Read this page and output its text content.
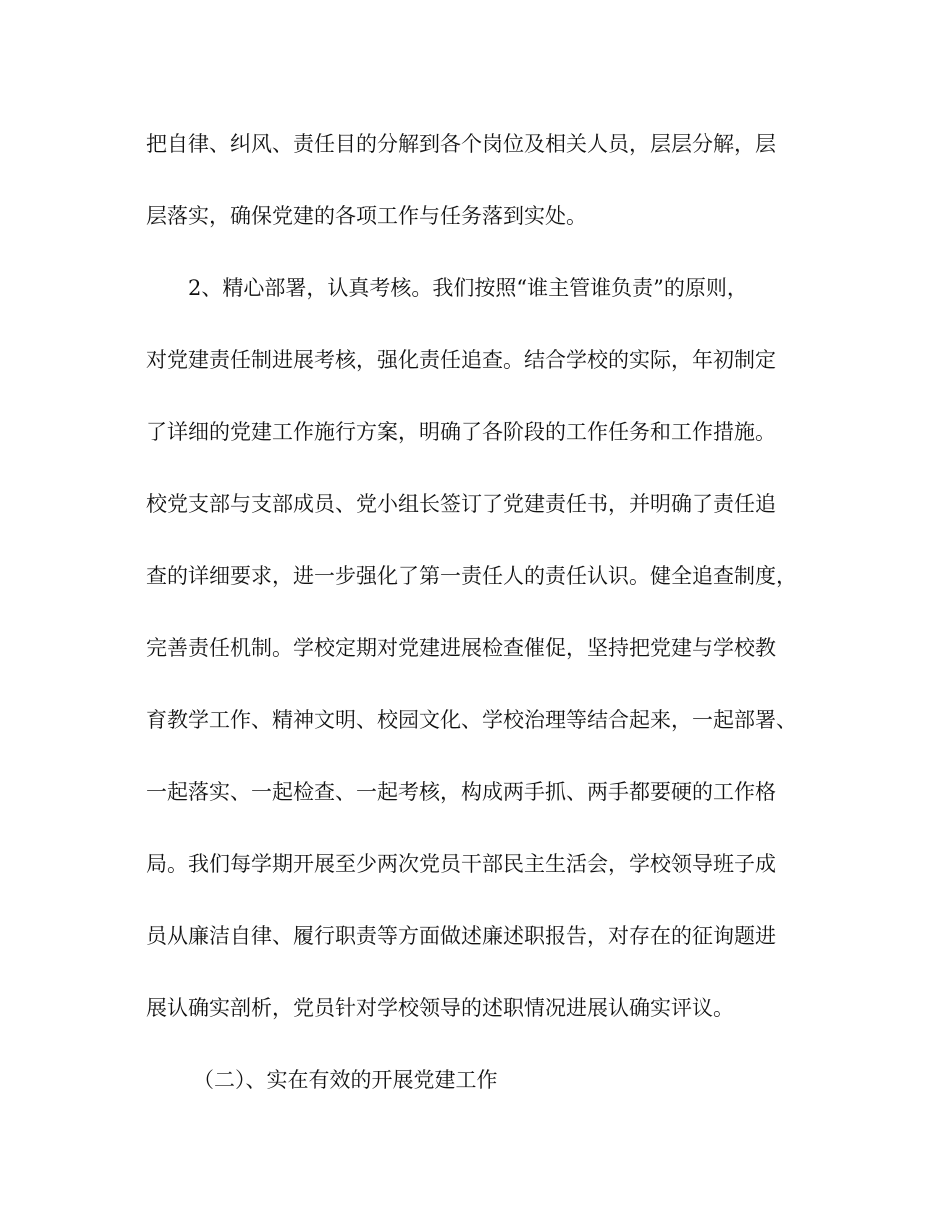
把自律、纠风、责任目的分解到各个岗位及相关人员，层层分解，层
层落实，确保党建的各项工作与任务落到实处。
2、精心部署，认真考核。我们按照“谁主管谁负责”的原则，
对党建责任制进展考核，强化责任追查。结合学校的实际，年初制定
了详细的党建工作施行方案，明确了各阶段的工作任务和工作措施。
校党支部与支部成员、党小组长签订了党建责任书，并明确了责任追
查的详细要求，进一步强化了第一责任人的责任认识。健全追查制度，
完善责任机制。学校定期对党建进展检查催促，坚持把党建与学校教
育教学工作、精神文明、校园文化、学校治理等结合起来，一起部署、
一起落实、一起检查、一起考核，构成两手抓、两手都要硬的工作格
局。我们每学期开展至少两次党员干部民主生活会，学校领导班子成
员从廉洁自律、履行职责等方面做述廉述职报告，对存在的征询题进
展认确实剖析，党员针对学校领导的述职情况进展认确实评议。
（二）、实在有效的开展党建工作
